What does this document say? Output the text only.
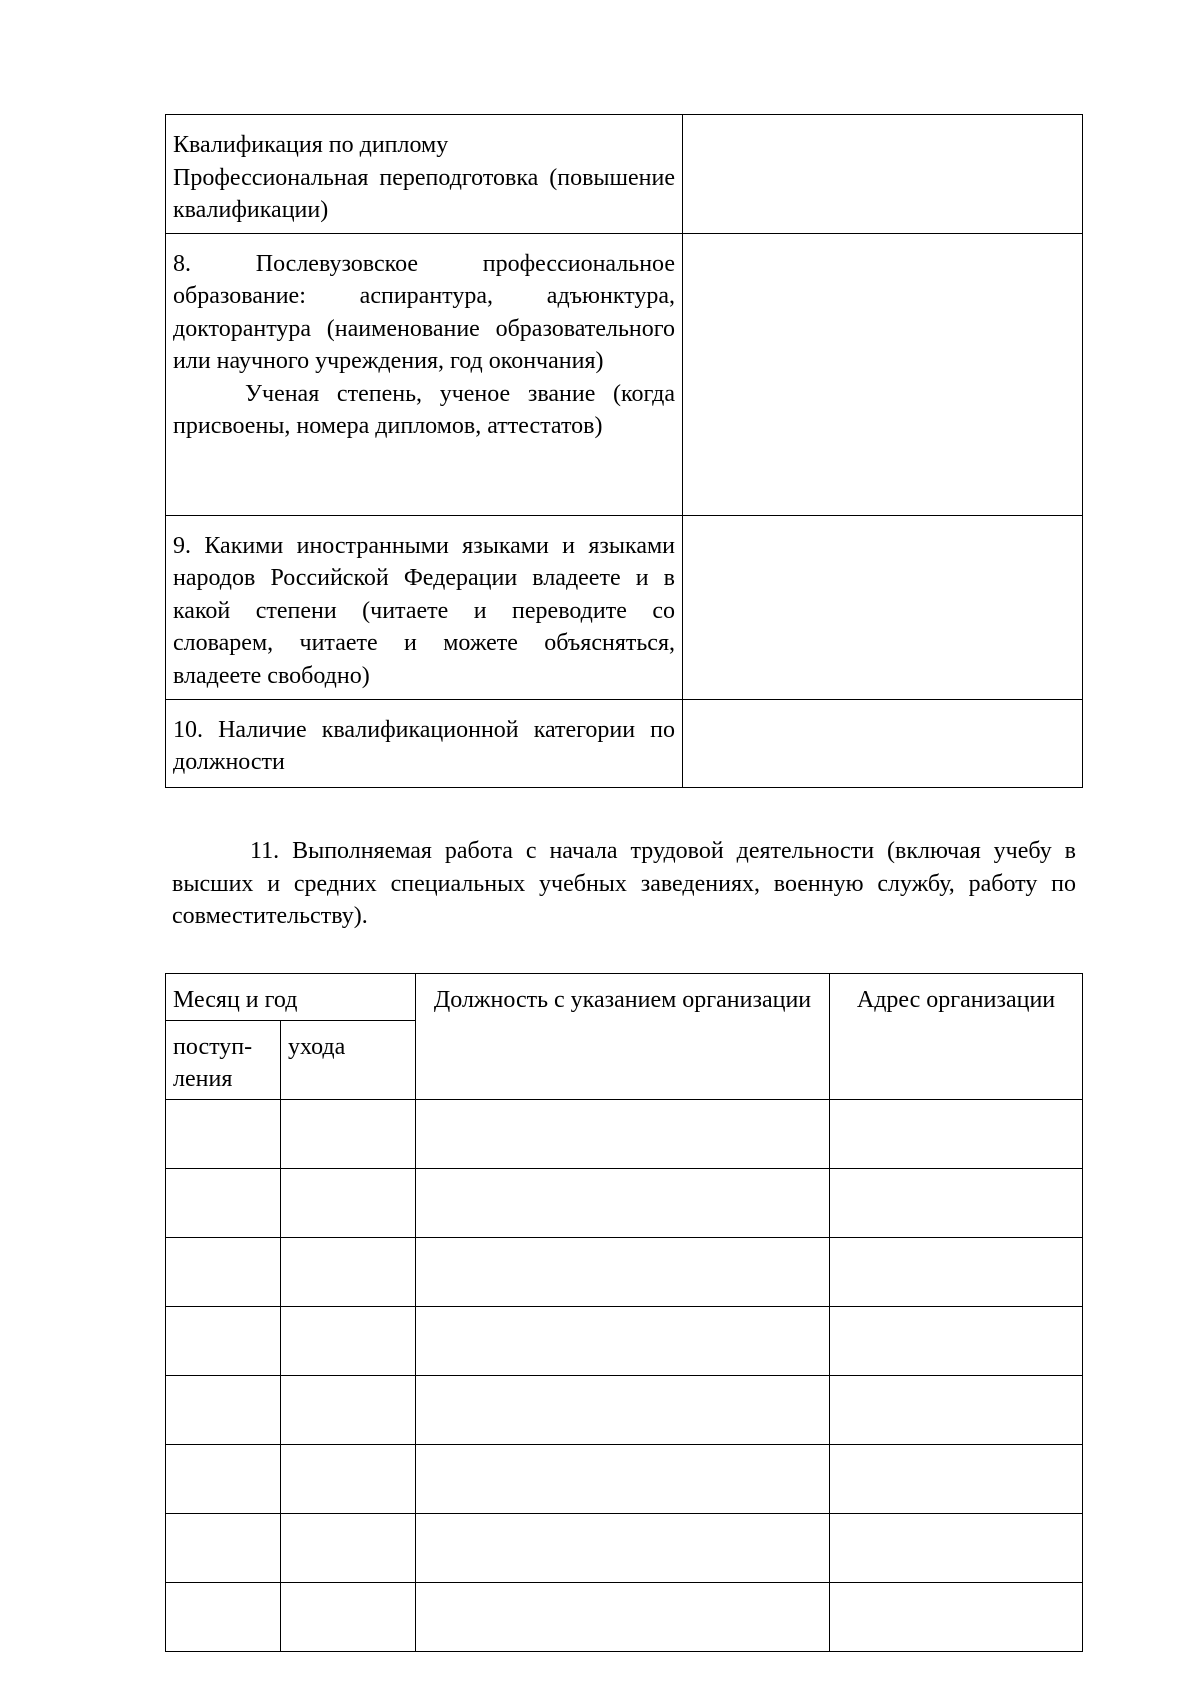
Квалификация по диплому
Профессиональная переподготовка (повышение квалификации)	

8. Послевузовское профессиональное образование: аспирантура, адъюнктура, докторантура (наименование образовательного или научного учреждения, год окончания)
Ученая степень, ученое звание (когда присвоены, номера дипломов, аттестатов)	

9. Какими иностранными языками и языками народов Российской Федерации владеете и в какой степени (читаете и переводите со словарем, читаете и можете объясняться, владеете свободно)	

10. Наличие квалификационной категории по должности	

11. Выполняемая работа с начала трудовой деятельности (включая учебу в высших и средних специальных учебных заведениях, военную службу, работу по совместительству).
Месяц и год		Должность с указанием организации	Адрес организации
поступ-ления	ухода		
